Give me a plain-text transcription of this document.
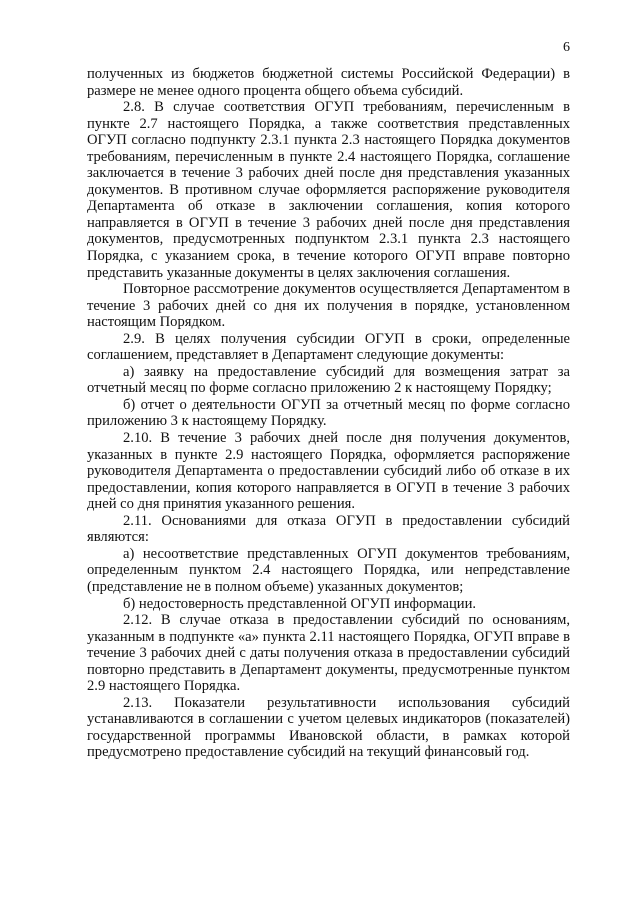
6

полученных из бюджетов бюджетной системы Российской Федерации) в размере не менее одного процента общего объема субсидий.

2.8. В случае соответствия ОГУП требованиям, перечисленным в пункте 2.7 настоящего Порядка, а также соответствия представленных ОГУП согласно подпункту 2.3.1 пункта 2.3 настоящего Порядка документов требованиям, перечисленным в пункте 2.4 настоящего Порядка, соглашение заключается в течение 3 рабочих дней после дня представления указанных документов. В противном случае оформляется распоряжение руководителя Департамента об отказе в заключении соглашения, копия которого направляется в ОГУП в течение 3 рабочих дней после дня представления документов, предусмотренных подпунктом 2.3.1 пункта 2.3 настоящего Порядка, с указанием срока, в течение которого ОГУП вправе повторно представить указанные документы в целях заключения соглашения.

Повторное рассмотрение документов осуществляется Департаментом в течение 3 рабочих дней со дня их получения в порядке, установленном настоящим Порядком.

2.9. В целях получения субсидии ОГУП в сроки, определенные соглашением, представляет в Департамент следующие документы:

а) заявку на предоставление субсидий для возмещения затрат за отчетный месяц по форме согласно приложению 2 к настоящему Порядку;

б) отчет о деятельности ОГУП за отчетный месяц по форме согласно приложению 3 к настоящему Порядку.

2.10. В течение 3 рабочих дней после дня получения документов, указанных в пункте 2.9 настоящего Порядка, оформляется распоряжение руководителя Департамента о предоставлении субсидий либо об отказе в их предоставлении, копия которого направляется в ОГУП в течение 3 рабочих дней со дня принятия указанного решения.

2.11. Основаниями для отказа ОГУП в предоставлении субсидий являются:

а) несоответствие представленных ОГУП документов требованиям, определенным пунктом 2.4 настоящего Порядка, или непредставление (представление не в полном объеме) указанных документов;

б) недостоверность представленной ОГУП информации.

2.12. В случае отказа в предоставлении субсидий по основаниям, указанным в подпункте «а» пункта 2.11 настоящего Порядка, ОГУП вправе в течение 3 рабочих дней с даты получения отказа в предоставлении субсидий повторно представить в Департамент документы, предусмотренные пунктом 2.9 настоящего Порядка.

2.13. Показатели результативности использования субсидий устанавливаются в соглашении с учетом целевых индикаторов (показателей) государственной программы Ивановской области, в рамках которой предусмотрено предоставление субсидий на текущий финансовый год.
